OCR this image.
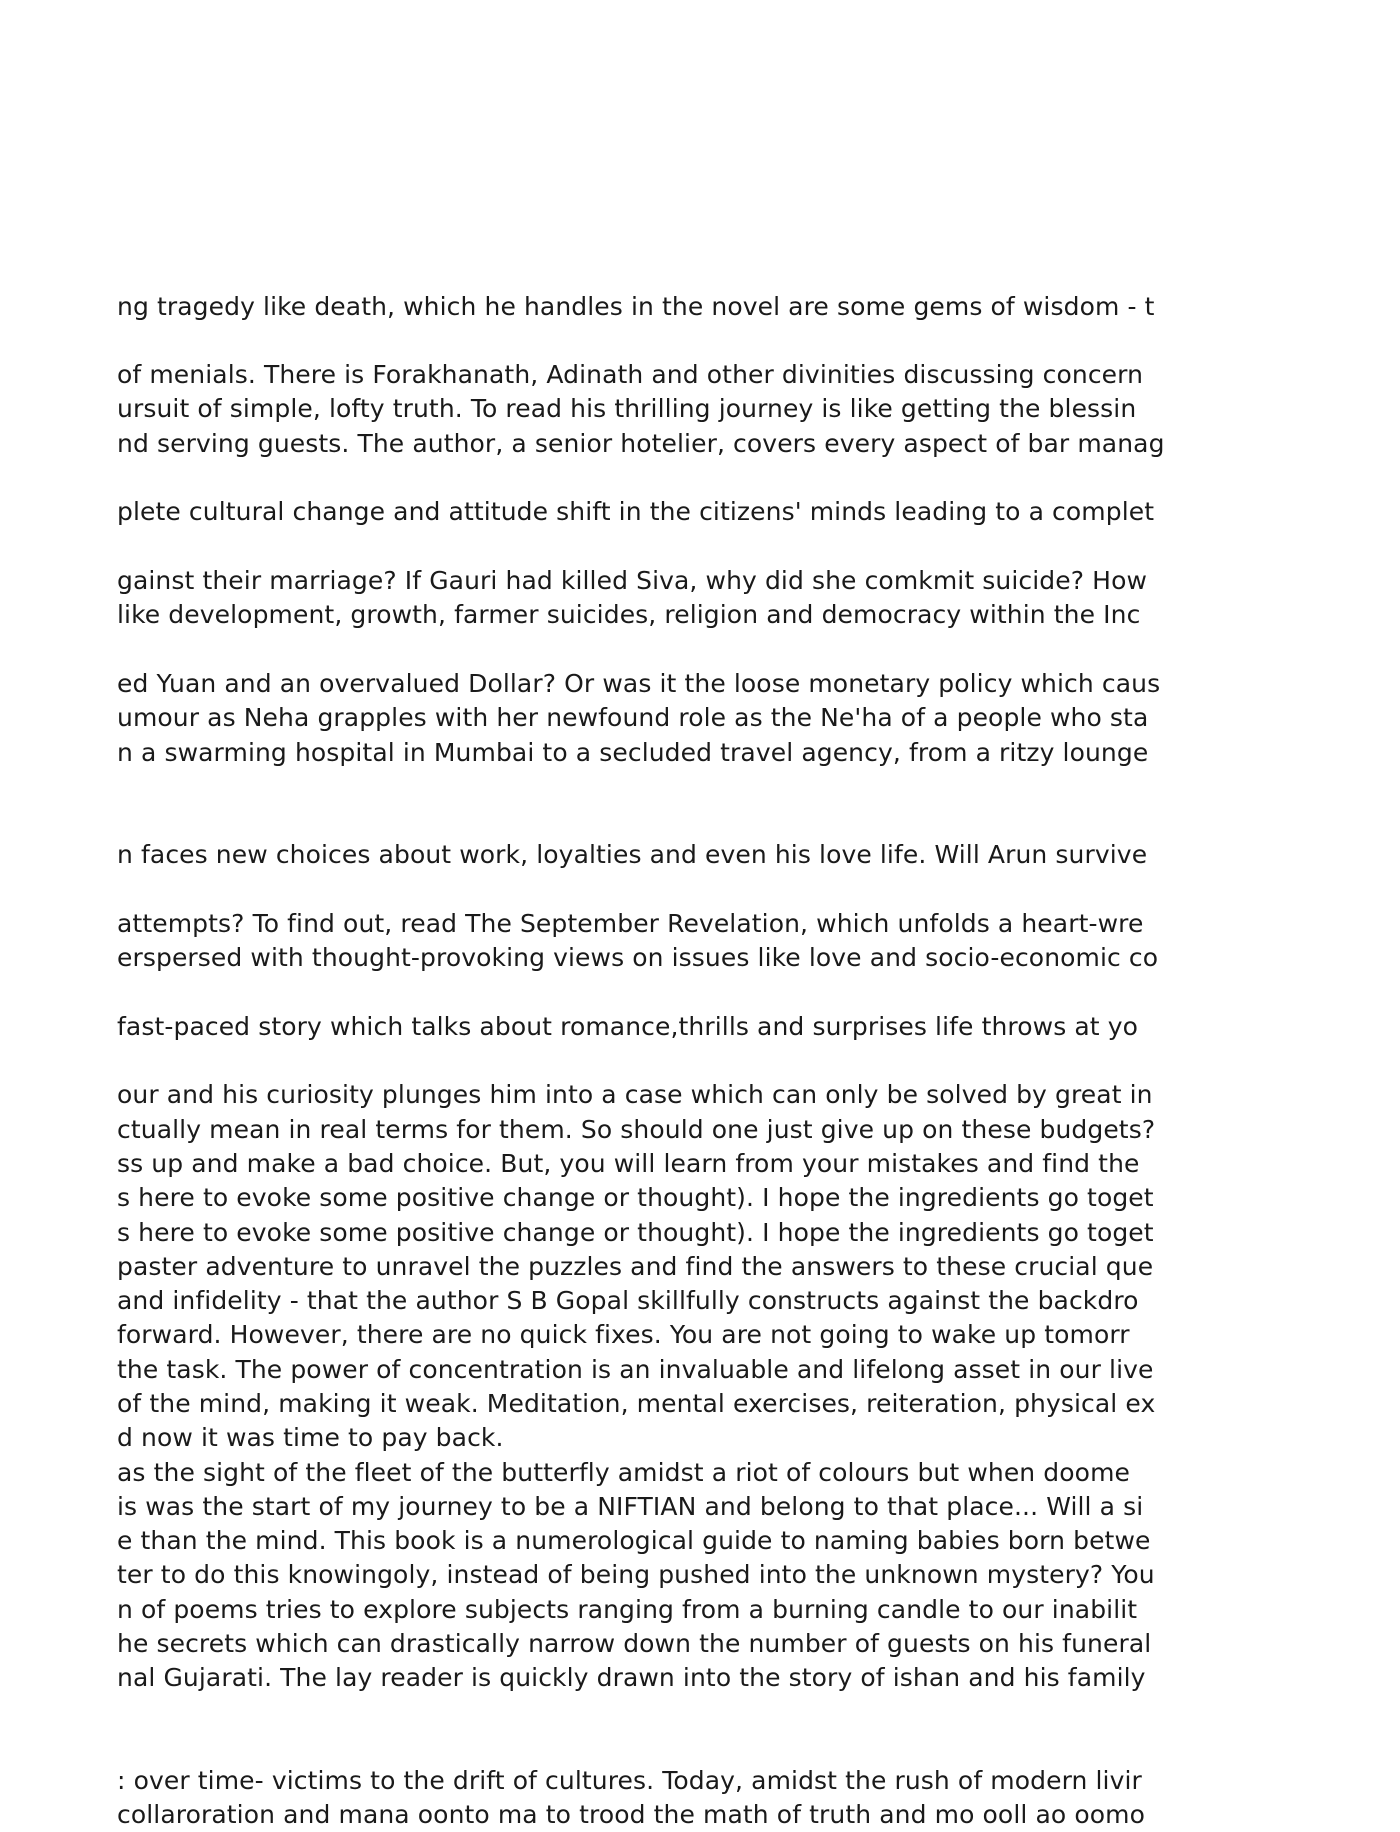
ng tragedy like death, which he handles in the novel are some gems of wisdom - t
of menials. There is Forakhanath, Adinath and other divinities discussing concern
ursuit of simple, lofty truth. To read his thrilling journey is like getting the blessin
nd serving guests. The author, a senior hotelier, covers every aspect of bar manag
plete cultural change and attitude shift in the citizens' minds leading to a complet
gainst their marriage? If Gauri had killed Siva, why did she comkmit suicide? How
like development, growth, farmer suicides, religion and democracy within the Inc
ed Yuan and an overvalued Dollar? Or was it the loose monetary policy which caus
umour as Neha grapples with her newfound role as the Ne'ha of a people who sta
n a swarming hospital in Mumbai to a secluded travel agency, from a ritzy lounge
n faces new choices about work, loyalties and even his love life. Will Arun survive
attempts? To find out, read The September Revelation, which unfolds a heart-wre
erspersed with thought-provoking views on issues like love and socio-economic co
fast-paced story which talks about romance,thrills and surprises life throws at yo
our and his curiosity plunges him into a case which can only be solved by great in
ctually mean in real terms for them. So should one just give up on these budgets?
ss up and make a bad choice. But, you will learn from your mistakes and find the
s here to evoke some positive change or thought). I hope the ingredients go toget
s here to evoke some positive change or thought). I hope the ingredients go toget
paster adventure to unravel the puzzles and find the answers to these crucial que
and infidelity - that the author S B Gopal skillfully constructs against the backdro
forward. However, there are no quick fixes. You are not going to wake up tomorr
the task. The power of concentration is an invaluable and lifelong asset in our live
of the mind, making it weak. Meditation, mental exercises, reiteration, physical ex
d now it was time to pay back.
as the sight of the fleet of the butterfly amidst a riot of colours but when doome
is was the start of my journey to be a NIFTIAN and belong to that place... Will a si
e than the mind. This book is a numerological guide to naming babies born betwe
ter to do this knowingoly, instead of being pushed into the unknown mystery? You
n of poems tries to explore subjects ranging from a burning candle to our inabilit
he secrets which can drastically narrow down the number of guests on his funeral
nal Gujarati. The lay reader is quickly drawn into the story of ishan and his family
: over time- victims to the drift of cultures. Today, amidst the rush of modern livir
collaroration and mana oonto ma to trood the math of truth and mo ooll ao oomo
